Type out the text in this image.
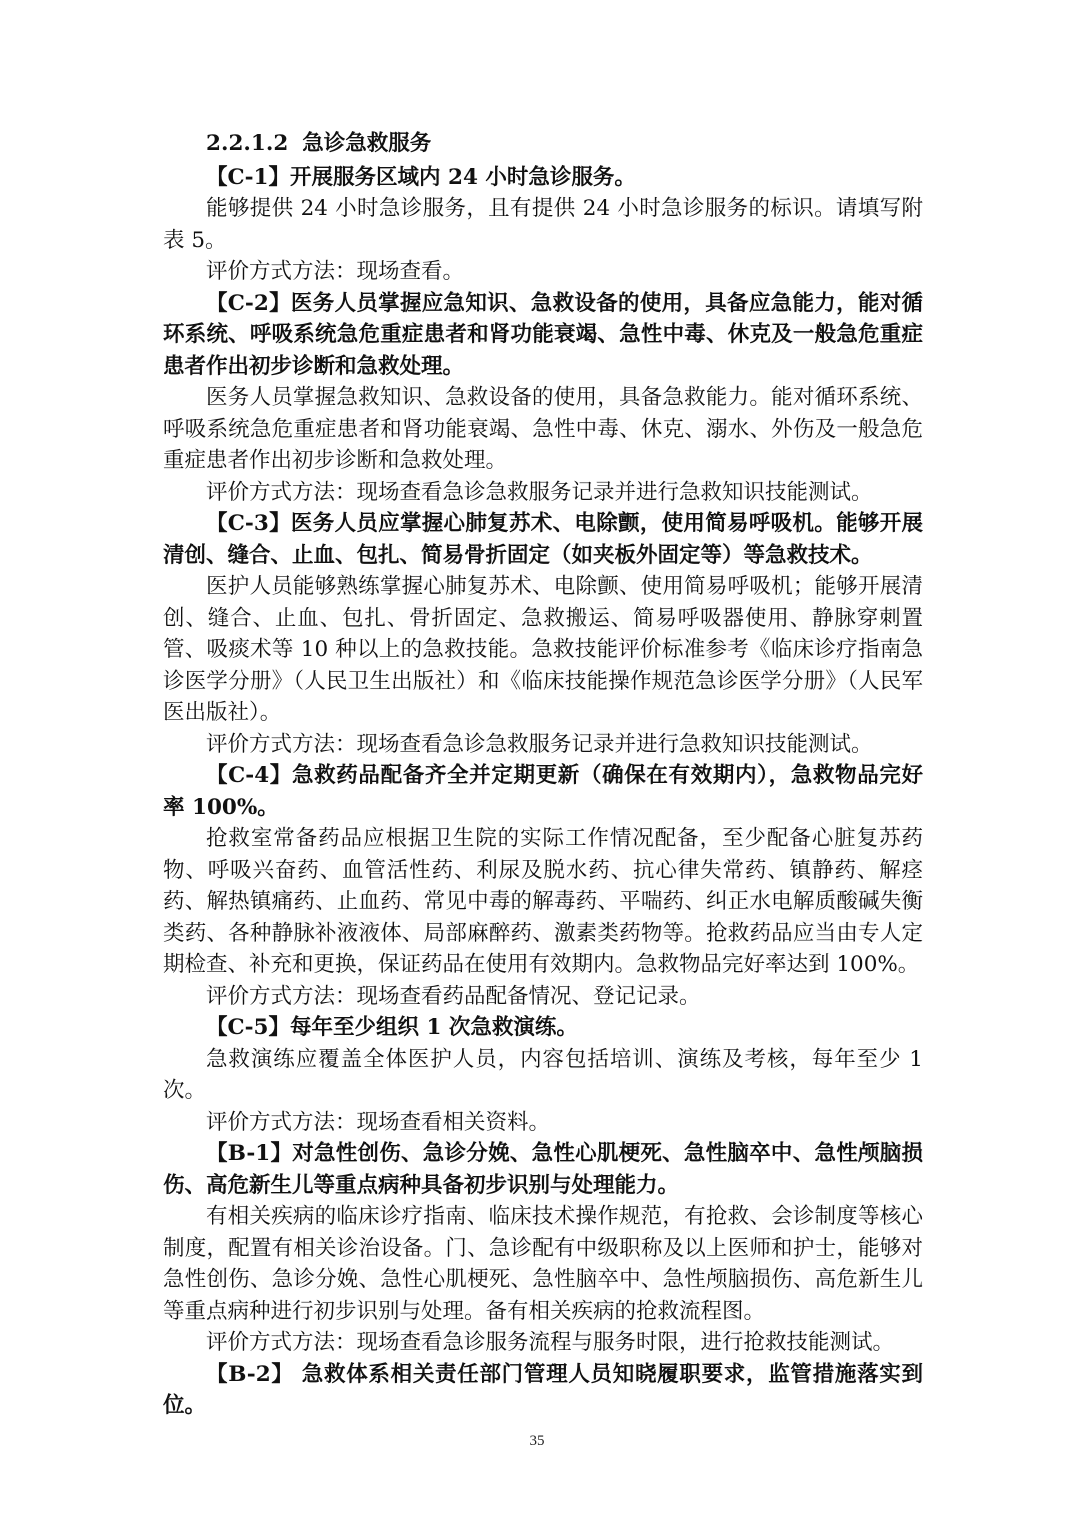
2.2.1.2 急诊急救服务

【C-1】开展服务区域内 24 小时急诊服务。

能够提供 24 小时急诊服务，且有提供 24 小时急诊服务的标识。请填写附表 5。

评价方式方法：现场查看。

【C-2】医务人员掌握应急知识、急救设备的使用，具备应急能力，能对循环系统、呼吸系统急危重症患者和肾功能衰竭、急性中毒、休克及一般急危重症患者作出初步诊断和急救处理。

医务人员掌握急救知识、急救设备的使用，具备急救能力。能对循环系统、呼吸系统急危重症患者和肾功能衰竭、急性中毒、休克、溺水、外伤及一般急危重症患者作出初步诊断和急救处理。

评价方式方法：现场查看急诊急救服务记录并进行急救知识技能测试。

【C-3】医务人员应掌握心肺复苏术、电除颤，使用简易呼吸机。能够开展清创、缝合、止血、包扎、简易骨折固定（如夹板外固定等）等急救技术。

医护人员能够熟练掌握心肺复苏术、电除颤、使用简易呼吸机；能够开展清创、缝合、止血、包扎、骨折固定、急救搬运、简易呼吸器使用、静脉穿刺置管、吸痰术等 10 种以上的急救技能。急救技能评价标准参考《临床诊疗指南急诊医学分册》（人民卫生出版社）和《临床技能操作规范急诊医学分册》（人民军医出版社）。

评价方式方法：现场查看急诊急救服务记录并进行急救知识技能测试。

【C-4】急救药品配备齐全并定期更新（确保在有效期内），急救物品完好率 100%。

抢救室常备药品应根据卫生院的实际工作情况配备，至少配备心脏复苏药物、呼吸兴奋药、血管活性药、利尿及脱水药、抗心律失常药、镇静药、解痉药、解热镇痛药、止血药、常见中毒的解毒药、平喘药、纠正水电解质酸碱失衡类药、各种静脉补液液体、局部麻醉药、激素类药物等。抢救药品应当由专人定期检查、补充和更换，保证药品在使用有效期内。急救物品完好率达到 100%。

评价方式方法：现场查看药品配备情况、登记记录。

【C-5】每年至少组织 1 次急救演练。

急救演练应覆盖全体医护人员，内容包括培训、演练及考核，每年至少 1 次。

评价方式方法：现场查看相关资料。

【B-1】对急性创伤、急诊分娩、急性心肌梗死、急性脑卒中、急性颅脑损伤、高危新生儿等重点病种具备初步识别与处理能力。

有相关疾病的临床诊疗指南、临床技术操作规范，有抢救、会诊制度等核心制度，配置有相关诊治设备。门、急诊配有中级职称及以上医师和护士，能够对急性创伤、急诊分娩、急性心肌梗死、急性脑卒中、急性颅脑损伤、高危新生儿等重点病种进行初步识别与处理。备有相关疾病的抢救流程图。

评价方式方法：现场查看急诊服务流程与服务时限，进行抢救技能测试。

【B-2】 急救体系相关责任部门管理人员知晓履职要求，监管措施落实到位。

35
